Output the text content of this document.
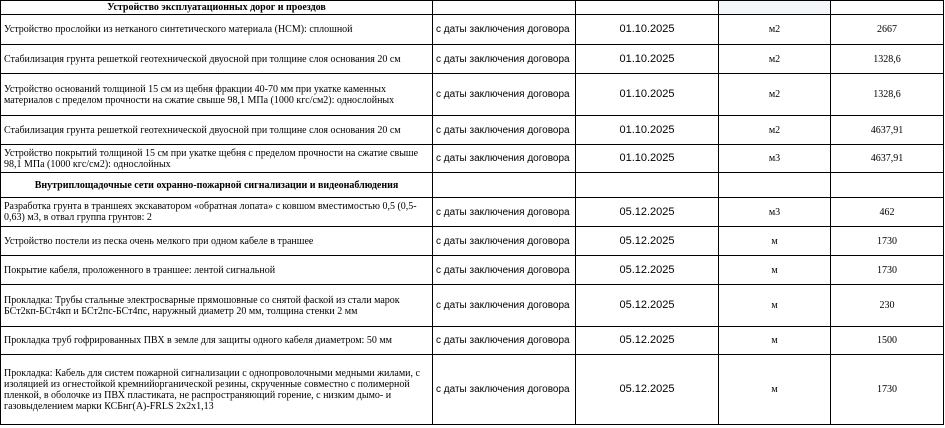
Устройство эксплуатационных дорог и проездов				
Устройство прослойки из нетканого синтетического материала (НСМ): сплошной	с даты заключения договора	01.10.2025	м2	2667
Стабилизация грунта решеткой геотехнической двуосной при толщине слоя основания 20 см	с даты заключения договора	01.10.2025	м2	1328,6
Устройство оснований толщиной 15 см из щебня фракции 40-70 мм при укатке каменных материалов с пределом прочности на сжатие свыше 98,1 МПа (1000 кгс/см2): однослойных	с даты заключения договора	01.10.2025	м2	1328,6
Стабилизация грунта решеткой геотехнической двуосной при толщине слоя основания 20 см	с даты заключения договора	01.10.2025	м2	4637,91
Устройство покрытий толщиной 15 см при укатке щебня с пределом прочности на сжатие свыше 98,1 МПа (1000 кгс/см2): однослойных	с даты заключения договора	01.10.2025	м3	4637,91
Внутриплощадочные сети охранно-пожарной сигнализации и видеонаблюдения				
Разработка грунта в траншеях экскаватором «обратная лопата» с ковшом вместимостью 0,5 (0,5-0,63) м3, в отвал группа грунтов: 2	с даты заключения договора	05.12.2025	м3	462
Устройство постели из песка очень мелкого при одном кабеле в траншее	с даты заключения договора	05.12.2025	м	1730
Покрытие кабеля, проложенного в траншее: лентой сигнальной	с даты заключения договора	05.12.2025	м	1730
Прокладка: Трубы стальные электросварные прямошовные со снятой фаской из стали марок БСт2кп-БСт4кп и БСт2пс-БСт4пс, наружный диаметр 20 мм, толщина стенки 2 мм	с даты заключения договора	05.12.2025	м	230
Прокладка труб гофрированных ПВХ в земле для защиты одного кабеля диаметром: 50 мм	с даты заключения договора	05.12.2025	м	1500
Прокладка: Кабель для систем пожарной сигнализации с однопроволочными медными жилами, с изоляцией из огнестойкой кремнийорганической резины, скрученные совместно с полимерной пленкой, в оболочке из ПВХ пластиката, не распространяющий горение, с низким дымо- и газовыделением марки КСБнг(А)-FRLS 2х2х1,13	с даты заключения договора	05.12.2025	м	1730
